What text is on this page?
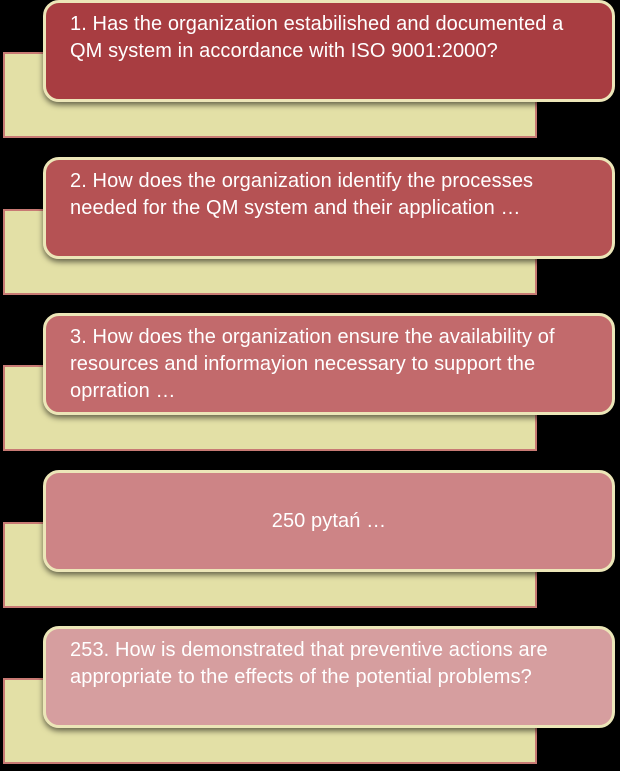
1. Has the organization estabilished and documented a QM system in accordance with ISO 9001:2000?
2. How does the organization identify the processes needed for the QM system and their application …
3. How does the organization ensure the availability of resources and informayion necessary to support the oprration …
250 pytań …
253. How is demonstrated that preventive actions are appropriate to the effects of the potential problems?
